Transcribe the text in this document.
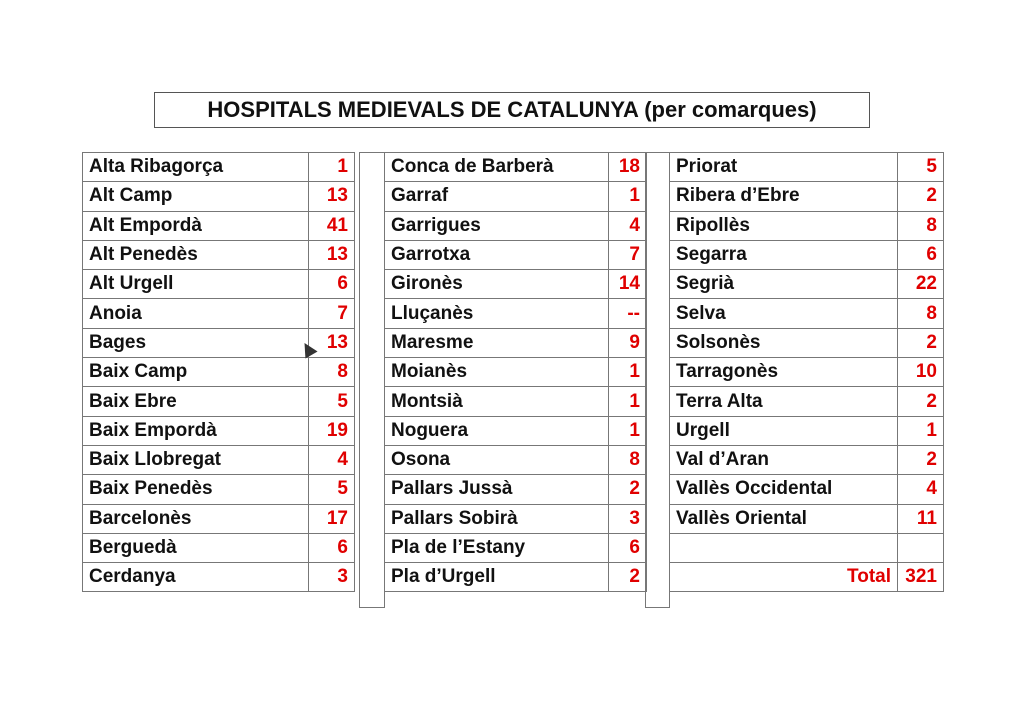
HOSPITALS MEDIEVALS DE CATALUNYA (per comarques)
Alta Ribagorça	1
Alt Camp	13
Alt Empordà	41
Alt Penedès	13
Alt Urgell	6
Anoia	7
Bages	13
Baix Camp	8
Baix Ebre	5
Baix Empordà	19
Baix Llobregat	4
Baix Penedès	5
Barcelonès	17
Berguedà	6
Cerdanya	3
Conca de Barberà	18
Garraf	1
Garrigues	4
Garrotxa	7
Gironès	14
Lluçanès	--
Maresme	9
Moianès	1
Montsià	1
Noguera	1
Osona	8
Pallars Jussà	2
Pallars Sobirà	3
Pla de l’Estany	6
Pla d’Urgell	2
Priorat	5
Ribera d’Ebre	2
Ripollès	8
Segarra	6
Segrià	22
Selva	8
Solsonès	2
Tarragonès	10
Terra Alta	2
Urgell	1
Val d’Aran	2
Vallès Occidental	4
Vallès Oriental	11

Total	321
